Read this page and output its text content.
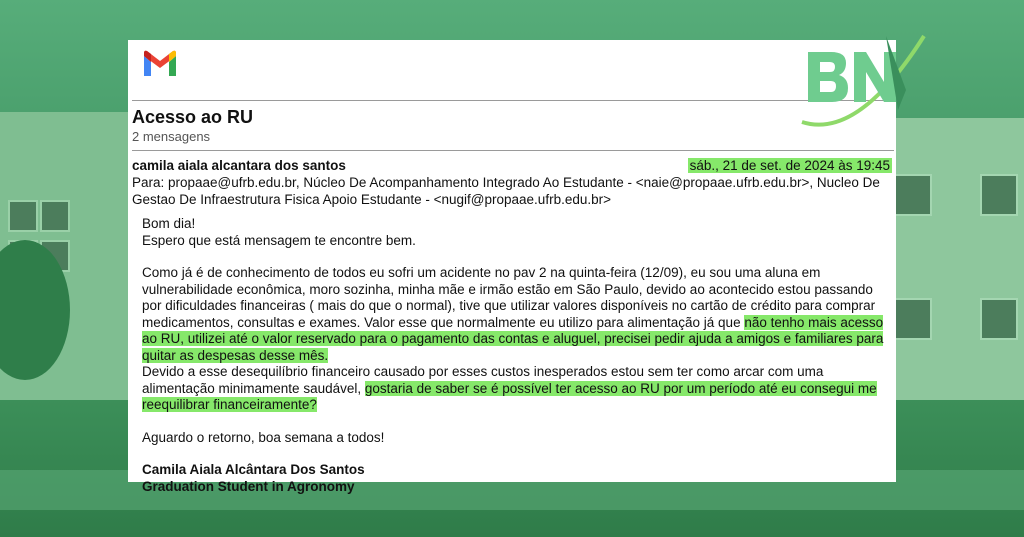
Acesso ao RU
2 mensagens
camila aiala alcantara dos santos	sáb., 21 de set. de 2024 às 19:45
Para: propaae@ufrb.edu.br, Núcleo De Acompanhamento Integrado Ao Estudante - <naie@propaae.ufrb.edu.br>, Nucleo De Gestao De Infraestrutura Fisica Apoio Estudante - <nugif@propaae.ufrb.edu.br>

Bom dia!
Espero que está mensagem te encontre bem.

Como já é de conhecimento de todos eu sofri um acidente no pav 2 na quinta-feira (12/09), eu sou uma aluna em vulnerabilidade econômica, moro sozinha, minha mãe e irmão estão em São Paulo, devido ao acontecido estou passando por dificuldades financeiras ( mais do que o normal), tive que utilizar valores disponíveis no cartão de crédito para comprar medicamentos, consultas e exames. Valor esse que normalmente eu utilizo para alimentação já que não tenho mais acesso ao RU, utilizei até o valor reservado para o pagamento das contas e aluguel, precisei pedir ajuda a amigos e familiares para quitar as despesas desse mês.

Devido a esse desequilíbrio financeiro causado por esses custos inesperados estou sem ter como arcar com uma alimentação minimamente saudável, gostaria de saber se é possível ter acesso ao RU por um período até eu consegui me reequilibrar financeiramente?

Aguardo o retorno, boa semana a todos!

Camila Aiala Alcântara Dos Santos
Graduation Student in Agronomy
